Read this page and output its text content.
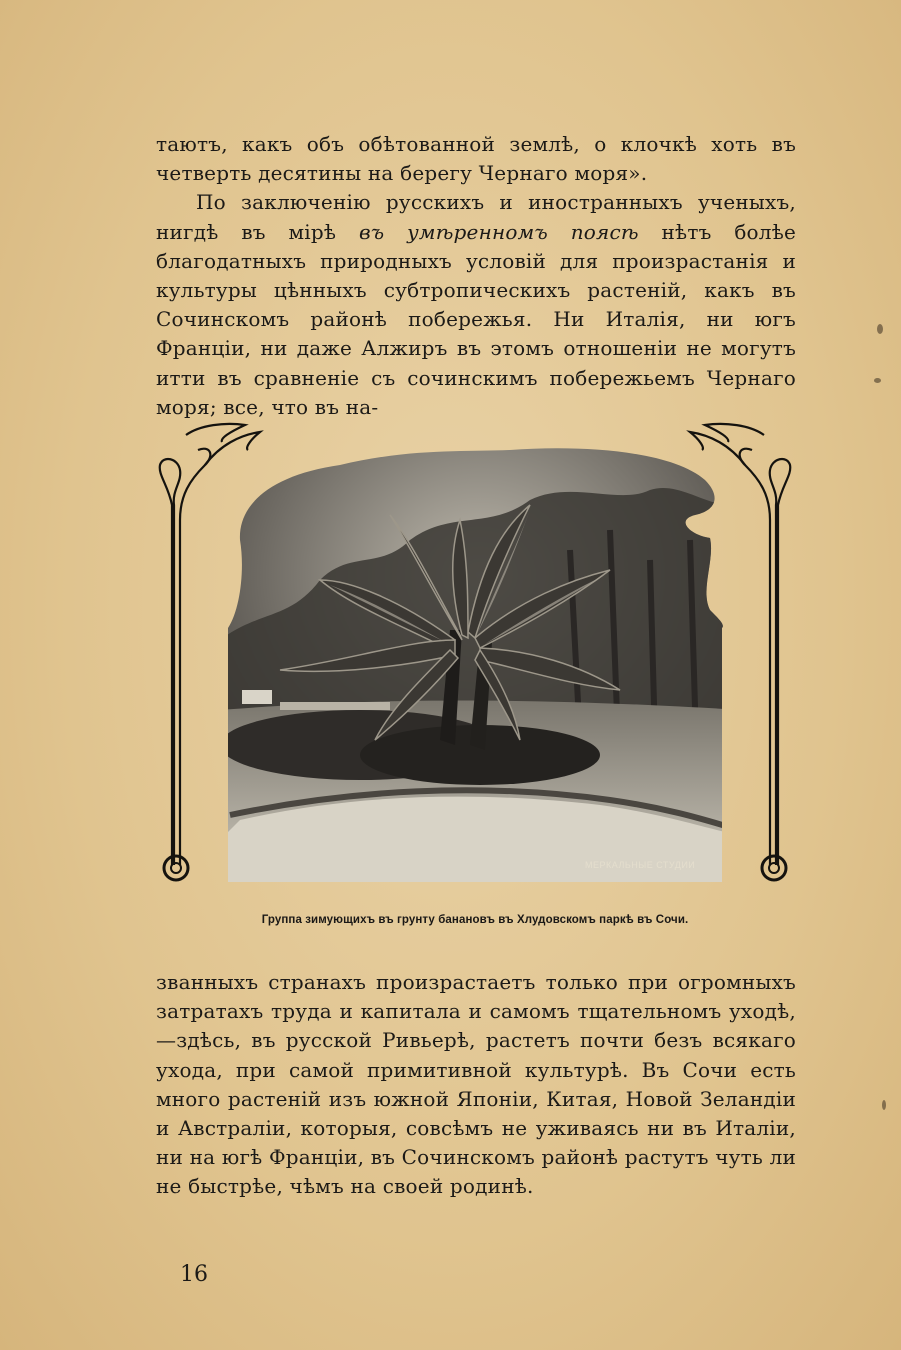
таютъ, какъ объ обѣтованной землѣ, о клочкѣ хоть въ четверть десятины на берегу Чернаго моря».

По заключенію русскихъ и иностранныхъ ученыхъ, нигдѣ въ мірѣ въ умѣренномъ поясѣ нѣтъ болѣе благодатныхъ природныхъ условій для произрастанія и культуры цѣнныхъ субтропическихъ растеній, какъ въ Сочинскомъ районѣ побережья. Ни Италія, ни югъ Франціи, ни даже Алжиръ въ этомъ отношеніи не могутъ итти въ сравненіе съ сочинскимъ побережьемъ Чернаго моря; все, что въ на-

МЕРКАЛЬНЫЕ СТУДИИ
Группа зимующихъ въ грунту банановъ въ Хлудовскомъ паркѣ въ Сочи.

званныхъ странахъ произрастаетъ только при огромныхъ затратахъ труда и капитала и самомъ тщательномъ уходѣ,—здѣсь, въ русской Ривьерѣ, растетъ почти безъ всякаго ухода, при самой примитивной культурѣ. Въ Сочи есть много растеній изъ южной Японіи, Китая, Новой Зеландіи и Австраліи, которыя, совсѣмъ не уживаясь ни въ Италіи, ни на югѣ Франціи, въ Сочинскомъ районѣ растутъ чуть ли не быстрѣе, чѣмъ на своей родинѣ.

16
